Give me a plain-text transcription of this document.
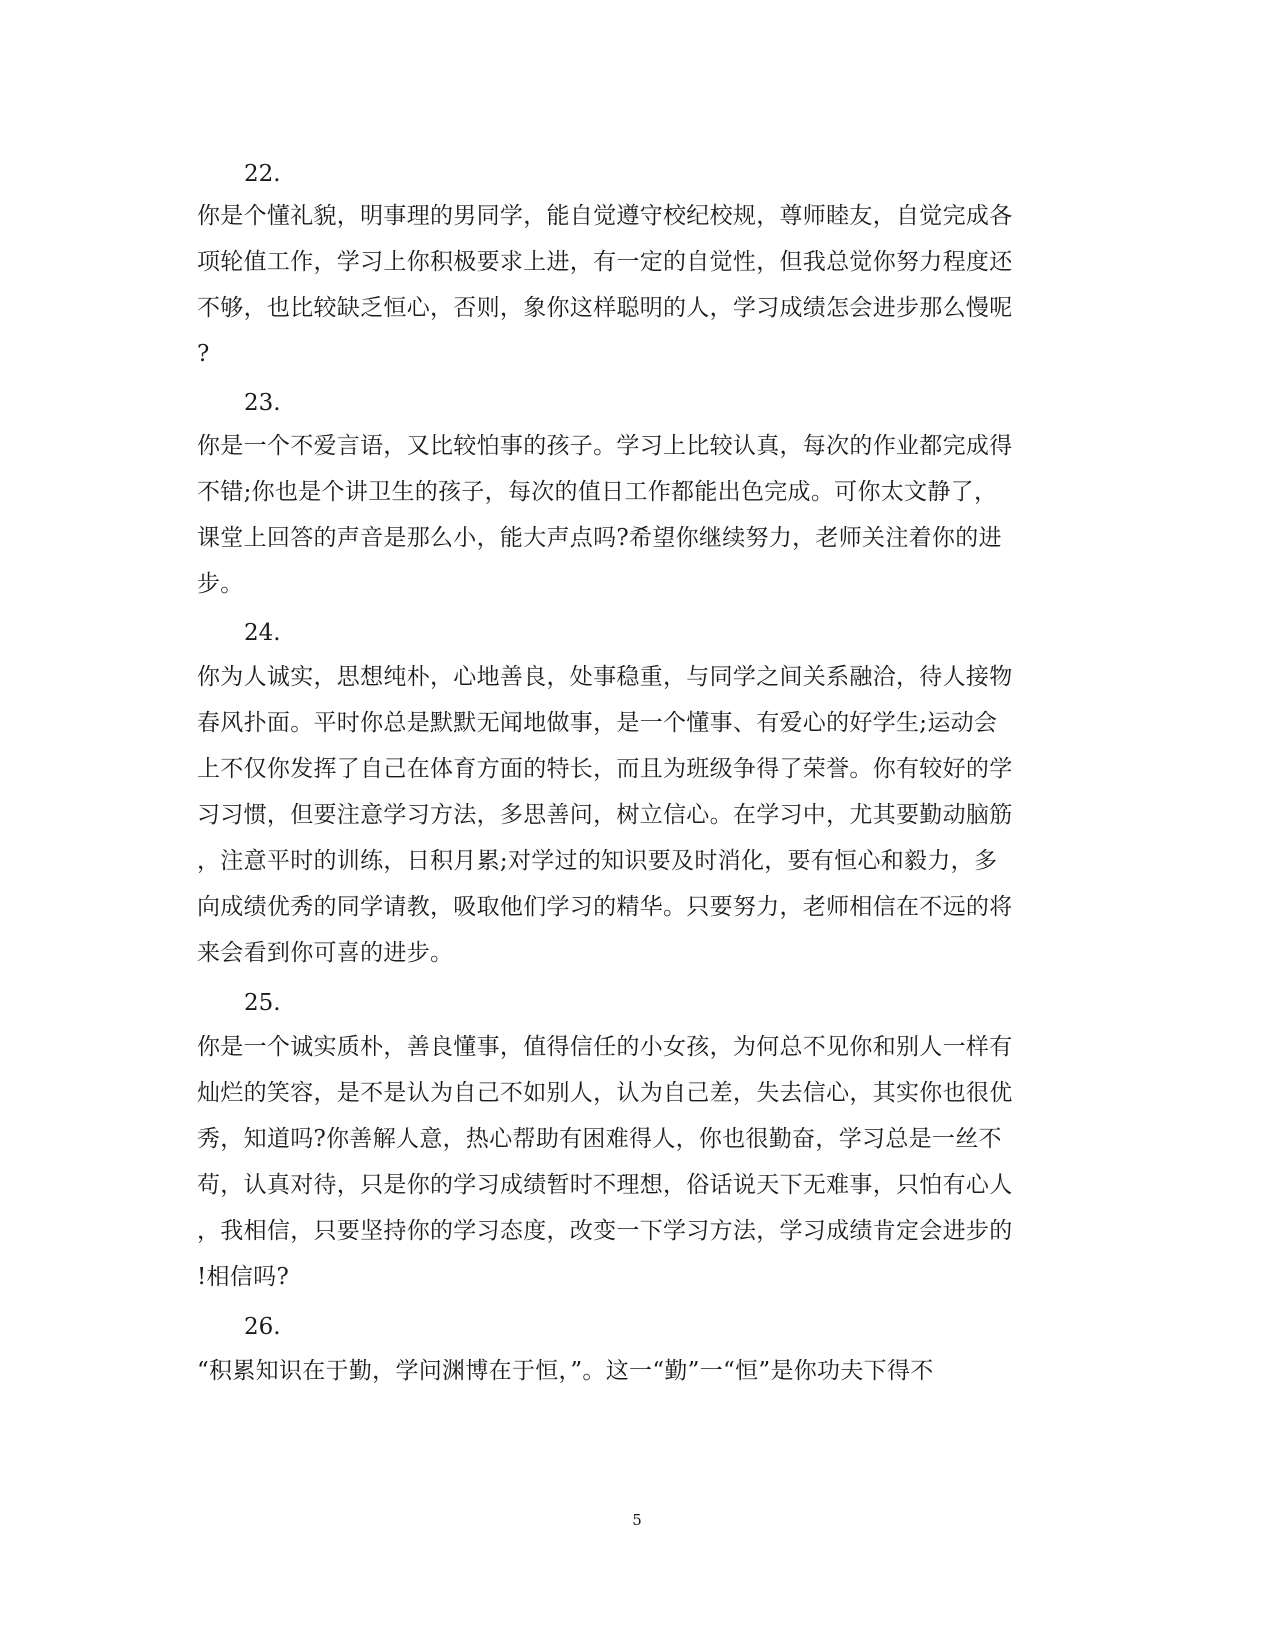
22.
你是个懂礼貌，明事理的男同学，能自觉遵守校纪校规，尊师睦友，自觉完成各
项轮值工作，学习上你积极要求上进，有一定的自觉性，但我总觉你努力程度还
不够，也比较缺乏恒心，否则，象你这样聪明的人，学习成绩怎会进步那么慢呢
?
23.
你是一个不爱言语，又比较怕事的孩子。学习上比较认真，每次的作业都完成得
不错;你也是个讲卫生的孩子，每次的值日工作都能出色完成。可你太文静了，
课堂上回答的声音是那么小，能大声点吗?希望你继续努力，老师关注着你的进
步。
24.
你为人诚实，思想纯朴，心地善良，处事稳重，与同学之间关系融洽，待人接物
春风扑面。平时你总是默默无闻地做事，是一个懂事、有爱心的好学生;运动会
上不仅你发挥了自己在体育方面的特长，而且为班级争得了荣誉。你有较好的学
习习惯，但要注意学习方法，多思善问，树立信心。在学习中，尤其要勤动脑筋
，注意平时的训练，日积月累;对学过的知识要及时消化，要有恒心和毅力，多
向成绩优秀的同学请教，吸取他们学习的精华。只要努力，老师相信在不远的将
来会看到你可喜的进步。
25.
你是一个诚实质朴，善良懂事，值得信任的小女孩，为何总不见你和别人一样有
灿烂的笑容，是不是认为自己不如别人，认为自己差，失去信心，其实你也很优
秀，知道吗?你善解人意，热心帮助有困难得人，你也很勤奋，学习总是一丝不
苟，认真对待，只是你的学习成绩暂时不理想，俗话说天下无难事，只怕有心人
，我相信，只要坚持你的学习态度，改变一下学习方法，学习成绩肯定会进步的
!相信吗?
26.
“积累知识在于勤，学问渊博在于恒，”。这一“勤”一“恒”是你功夫下得不
5
